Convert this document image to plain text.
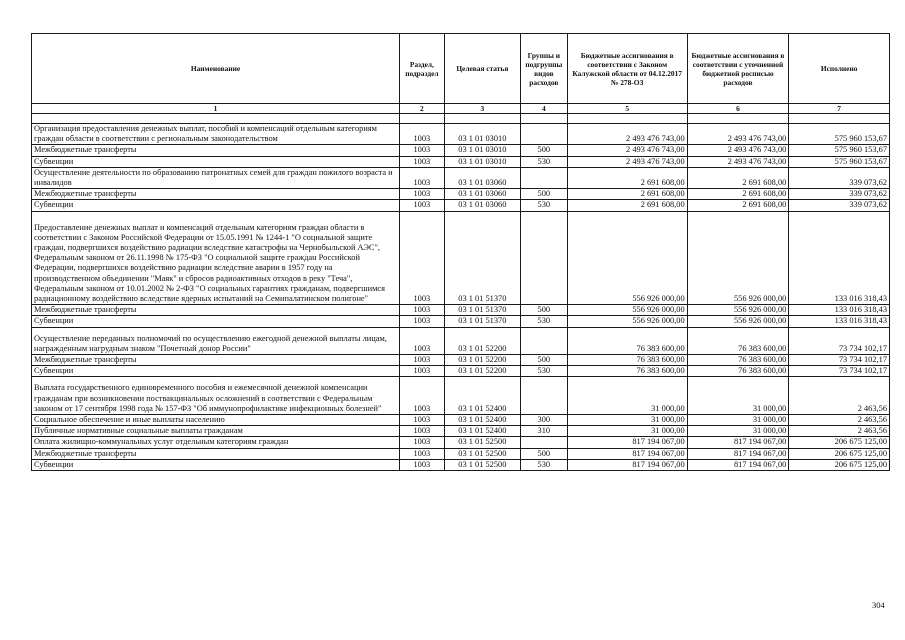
Наименование	Раздел, подраздел	Целевая статья	Группы и подгруппы видов расходов	Бюджетные ассигнования в соответствии с Законом Калужской области от 04.12.2017 № 278-ОЗ	Бюджетные ассигнования в соответствии с уточненной бюджетной росписью расходов	Исполнено
1	2	3	4	5	6	7

Организация предоставления денежных выплат, пособий и компенсаций отдельным категориям граждан области в соответствии с региональным законодательством	1003	03 1 01 03010		2 493 476 743,00	2 493 476 743,00	575 960 153,67
Межбюджетные трансферты	1003	03 1 01 03010	500	2 493 476 743,00	2 493 476 743,00	575 960 153,67
Субвенции	1003	03 1 01 03010	530	2 493 476 743,00	2 493 476 743,00	575 960 153,67
Осуществление деятельности по образованию патронатных семей для граждан пожилого возраста и инвалидов	1003	03 1 01 03060		2 691 608,00	2 691 608,00	339 073,62
Межбюджетные трансферты	1003	03 1 01 03060	500	2 691 608,00	2 691 608,00	339 073,62
Субвенции	1003	03 1 01 03060	530	2 691 608,00	2 691 608,00	339 073,62
Предоставление денежных выплат и компенсаций отдельным категориям граждан области в соответствии с Законом Российской Федерации от 15.05.1991 № 1244-1 "О социальной защите граждан, подвергшихся воздействию радиации вследствие катастрофы на Чернобыльской АЭС", Федеральным законом от 26.11.1998 № 175-ФЗ "О социальной защите граждан Российской Федерации, подвергшихся воздействию радиации вследствие аварии в 1957 году на производственном объединении "Маяк" и сбросов радиоактивных отходов в реку "Теча", Федеральным законом от 10.01.2002 № 2-ФЗ "О социальных гарантиях гражданам, подвергшимся радиационному воздействию вследствие ядерных испытаний на Семипалатинском полигоне"	1003	03 1 01 51370		556 926 000,00	556 926 000,00	133 016 318,43
Межбюджетные трансферты	1003	03 1 01 51370	500	556 926 000,00	556 926 000,00	133 016 318,43
Субвенции	1003	03 1 01 51370	530	556 926 000,00	556 926 000,00	133 016 318,43
Осуществление переданных полномочий по осуществлению ежегодной денежной выплаты лицам, награжденным нагрудным знаком "Почетный донор России"	1003	03 1 01 52200		76 383 600,00	76 383 600,00	73 734 102,17
Межбюджетные трансферты	1003	03 1 01 52200	500	76 383 600,00	76 383 600,00	73 734 102,17
Субвенции	1003	03 1 01 52200	530	76 383 600,00	76 383 600,00	73 734 102,17
Выплата государственного единовременного пособия и ежемесячной денежной компенсации гражданам при возникновении поствакцинальных осложнений в соответствии с Федеральным законом от 17 сентября 1998 года № 157-ФЗ "Об иммунопрофилактике инфекционных болезней"	1003	03 1 01 52400		31 000,00	31 000,00	2 463,56
Социальное обеспечение и иные выплаты населению	1003	03 1 01 52400	300	31 000,00	31 000,00	2 463,56
Публичные нормативные социальные выплаты гражданам	1003	03 1 01 52400	310	31 000,00	31 000,00	2 463,56
Оплата жилищно-коммунальных услуг отдельным категориям граждан	1003	03 1 01 52500		817 194 067,00	817 194 067,00	206 675 125,00
Межбюджетные трансферты	1003	03 1 01 52500	500	817 194 067,00	817 194 067,00	206 675 125,00
Субвенции	1003	03 1 01 52500	530	817 194 067,00	817 194 067,00	206 675 125,00
304
